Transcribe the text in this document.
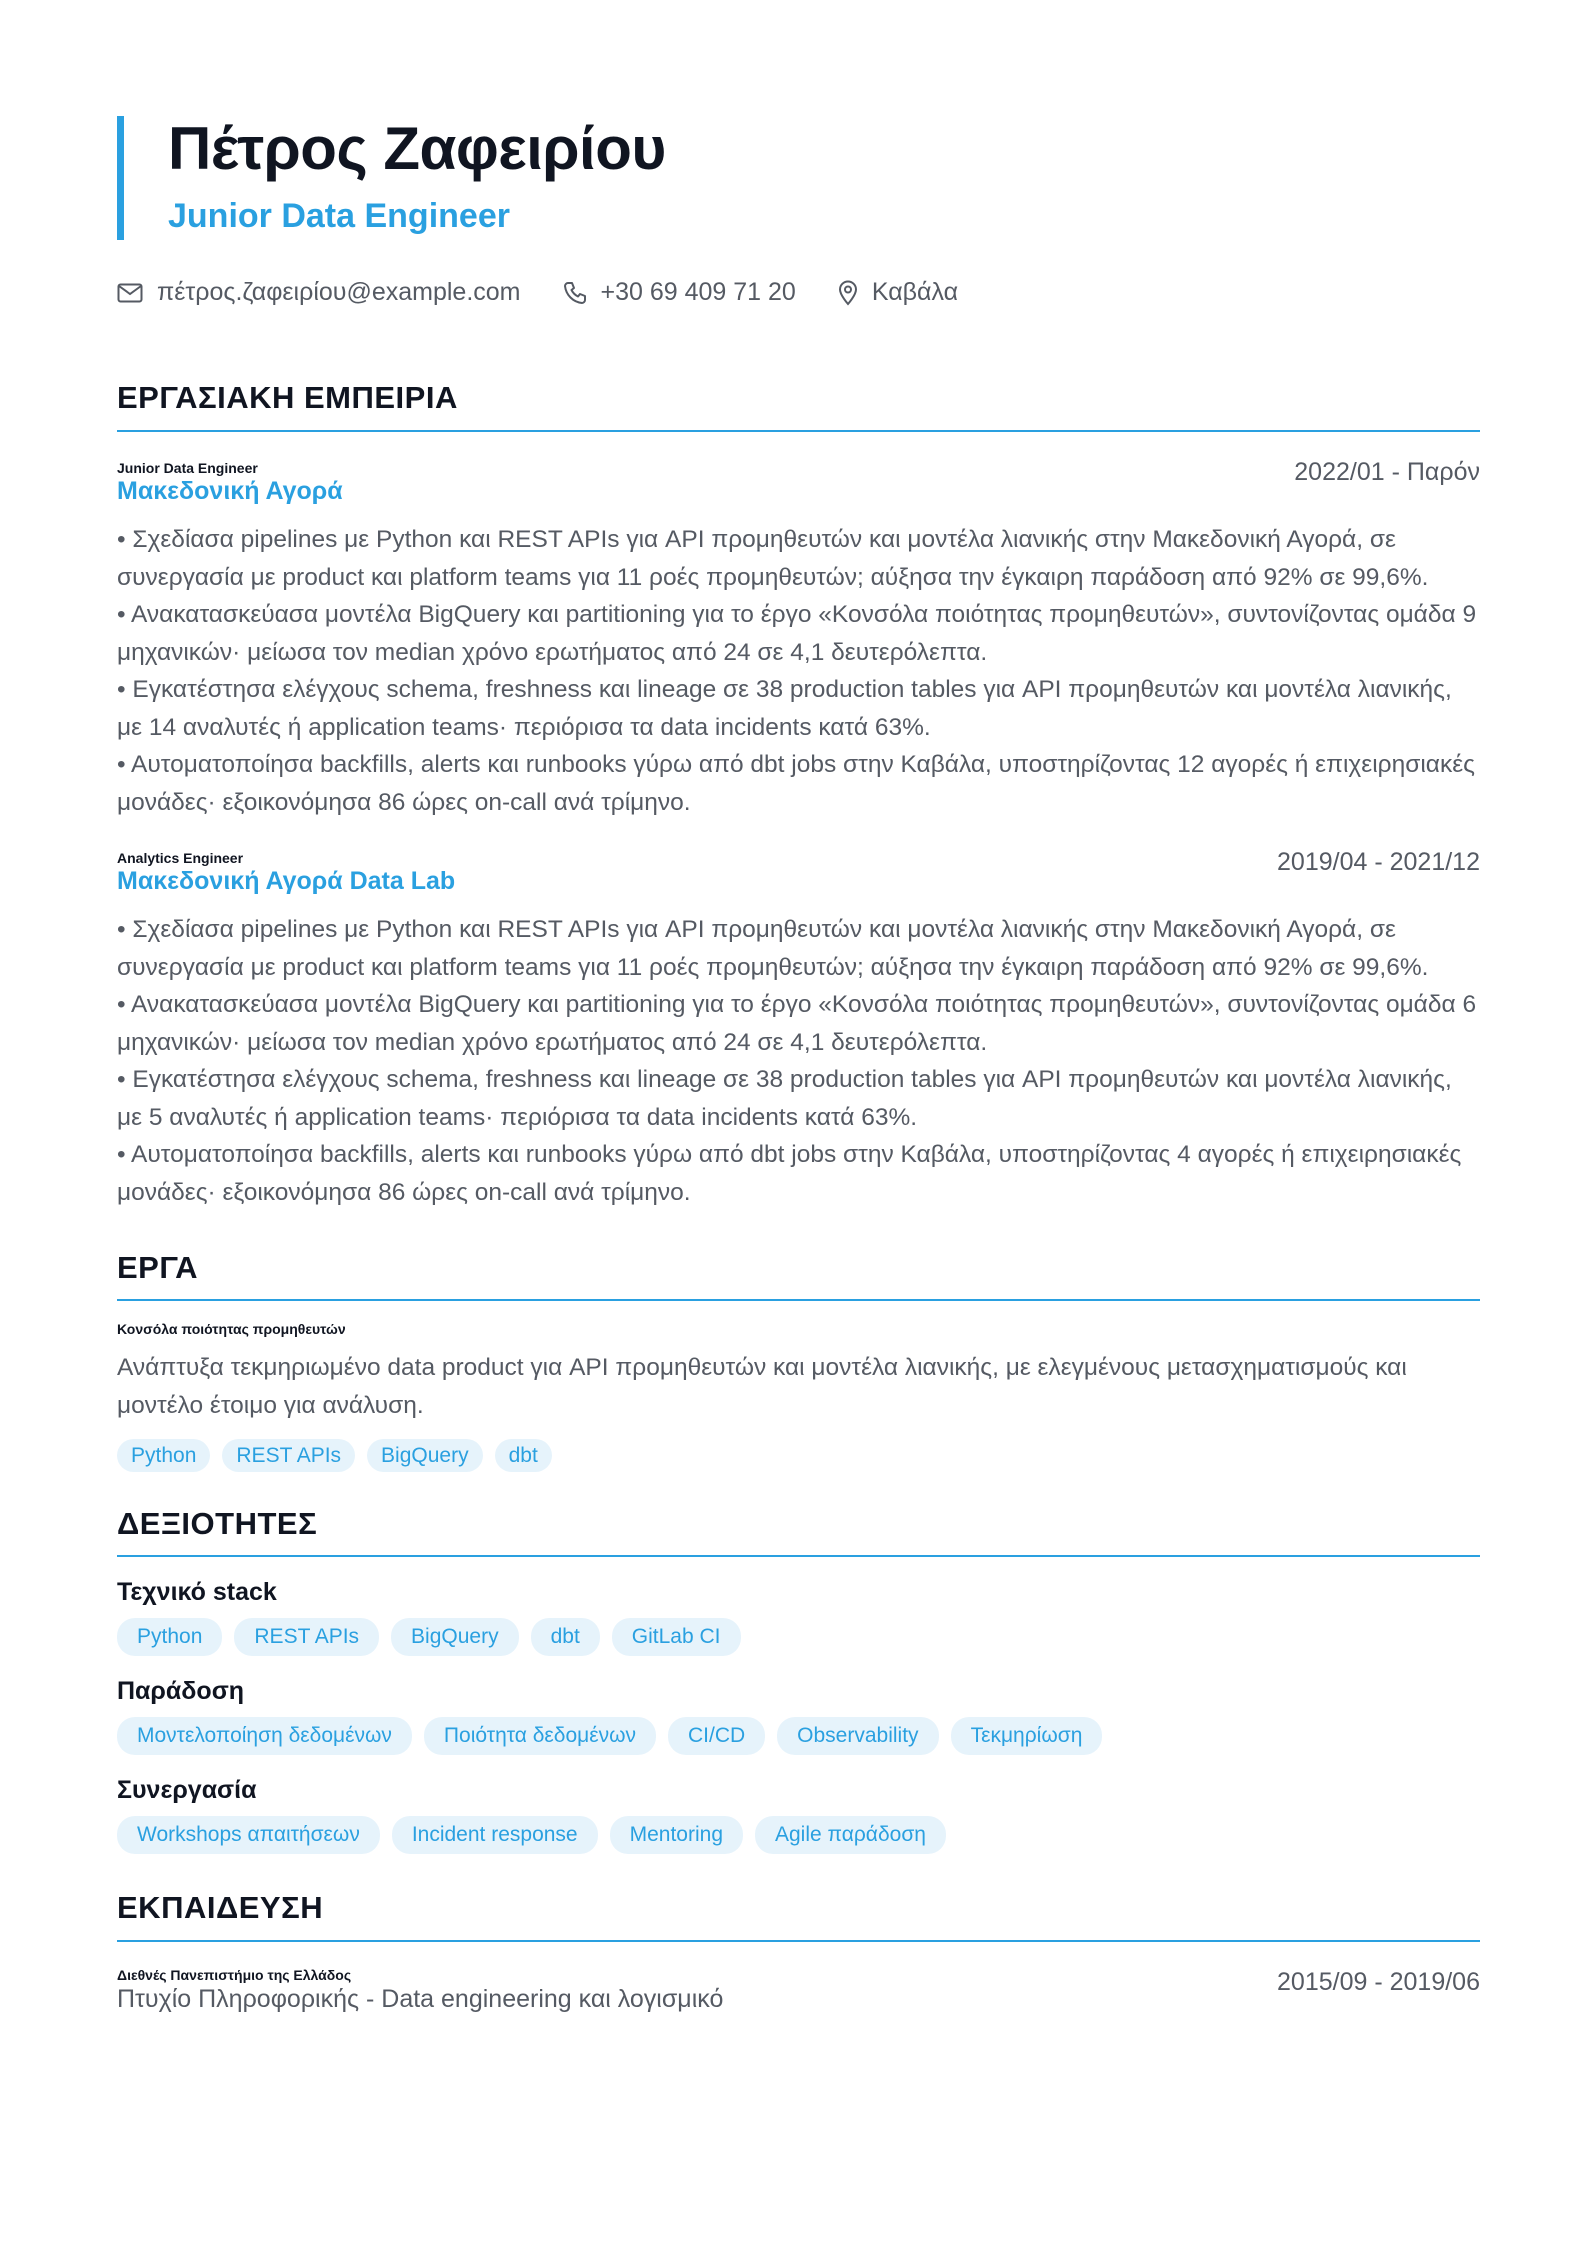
Πέτρος Ζαφειρίου
Junior Data Engineer
πέτρος.ζαφειρίου@example.com	+30 69 409 71 20	Καβάλα
ΕΡΓΑΣΙΑΚΗ ΕΜΠΕΙΡΙΑ
Junior Data Engineer
Μακεδονική Αγορά
2022/01 - Παρόν
• Σχεδίασα pipelines με Python και REST APIs για API προμηθευτών και μοντέλα λιανικής στην Μακεδονική Αγορά, σε συνεργασία με product και platform teams για 11 ροές προμηθευτών; αύξησα την έγκαιρη παράδοση από 92% σε 99,6%.
• Ανακατασκεύασα μοντέλα BigQuery και partitioning για το έργο «Κονσόλα ποιότητας προμηθευτών», συντονίζοντας ομάδα 9 μηχανικών· μείωσα τον median χρόνο ερωτήματος από 24 σε 4,1 δευτερόλεπτα.
• Εγκατέστησα ελέγχους schema, freshness και lineage σε 38 production tables για API προμηθευτών και μοντέλα λιανικής, με 14 αναλυτές ή application teams· περιόρισα τα data incidents κατά 63%.
• Αυτοματοποίησα backfills, alerts και runbooks γύρω από dbt jobs στην Καβάλα, υποστηρίζοντας 12 αγορές ή επιχειρησιακές μονάδες· εξοικονόμησα 86 ώρες on-call ανά τρίμηνο.
Analytics Engineer
Μακεδονική Αγορά Data Lab
2019/04 - 2021/12
• Σχεδίασα pipelines με Python και REST APIs για API προμηθευτών και μοντέλα λιανικής στην Μακεδονική Αγορά, σε συνεργασία με product και platform teams για 11 ροές προμηθευτών; αύξησα την έγκαιρη παράδοση από 92% σε 99,6%.
• Ανακατασκεύασα μοντέλα BigQuery και partitioning για το έργο «Κονσόλα ποιότητας προμηθευτών», συντονίζοντας ομάδα 6 μηχανικών· μείωσα τον median χρόνο ερωτήματος από 24 σε 4,1 δευτερόλεπτα.
• Εγκατέστησα ελέγχους schema, freshness και lineage σε 38 production tables για API προμηθευτών και μοντέλα λιανικής, με 5 αναλυτές ή application teams· περιόρισα τα data incidents κατά 63%.
• Αυτοματοποίησα backfills, alerts και runbooks γύρω από dbt jobs στην Καβάλα, υποστηρίζοντας 4 αγορές ή επιχειρησιακές μονάδες· εξοικονόμησα 86 ώρες on-call ανά τρίμηνο.
ΕΡΓΑ
Κονσόλα ποιότητας προμηθευτών
Ανάπτυξα τεκμηριωμένο data product για API προμηθευτών και μοντέλα λιανικής, με ελεγμένους μετασχηματισμούς και μοντέλο έτοιμο για ανάλυση.
Python	REST APIs	BigQuery	dbt
ΔΕΞΙΟΤΗΤΕΣ
Τεχνικό stack
Python	REST APIs	BigQuery	dbt	GitLab CI
Παράδοση
Μοντελοποίηση δεδομένων	Ποιότητα δεδομένων	CI/CD	Observability	Τεκμηρίωση
Συνεργασία
Workshops απαιτήσεων	Incident response	Mentoring	Agile παράδοση
ΕΚΠΑΙΔΕΥΣΗ
Διεθνές Πανεπιστήμιο της Ελλάδος
Πτυχίο Πληροφορικής - Data engineering και λογισμικό
2015/09 - 2019/06
